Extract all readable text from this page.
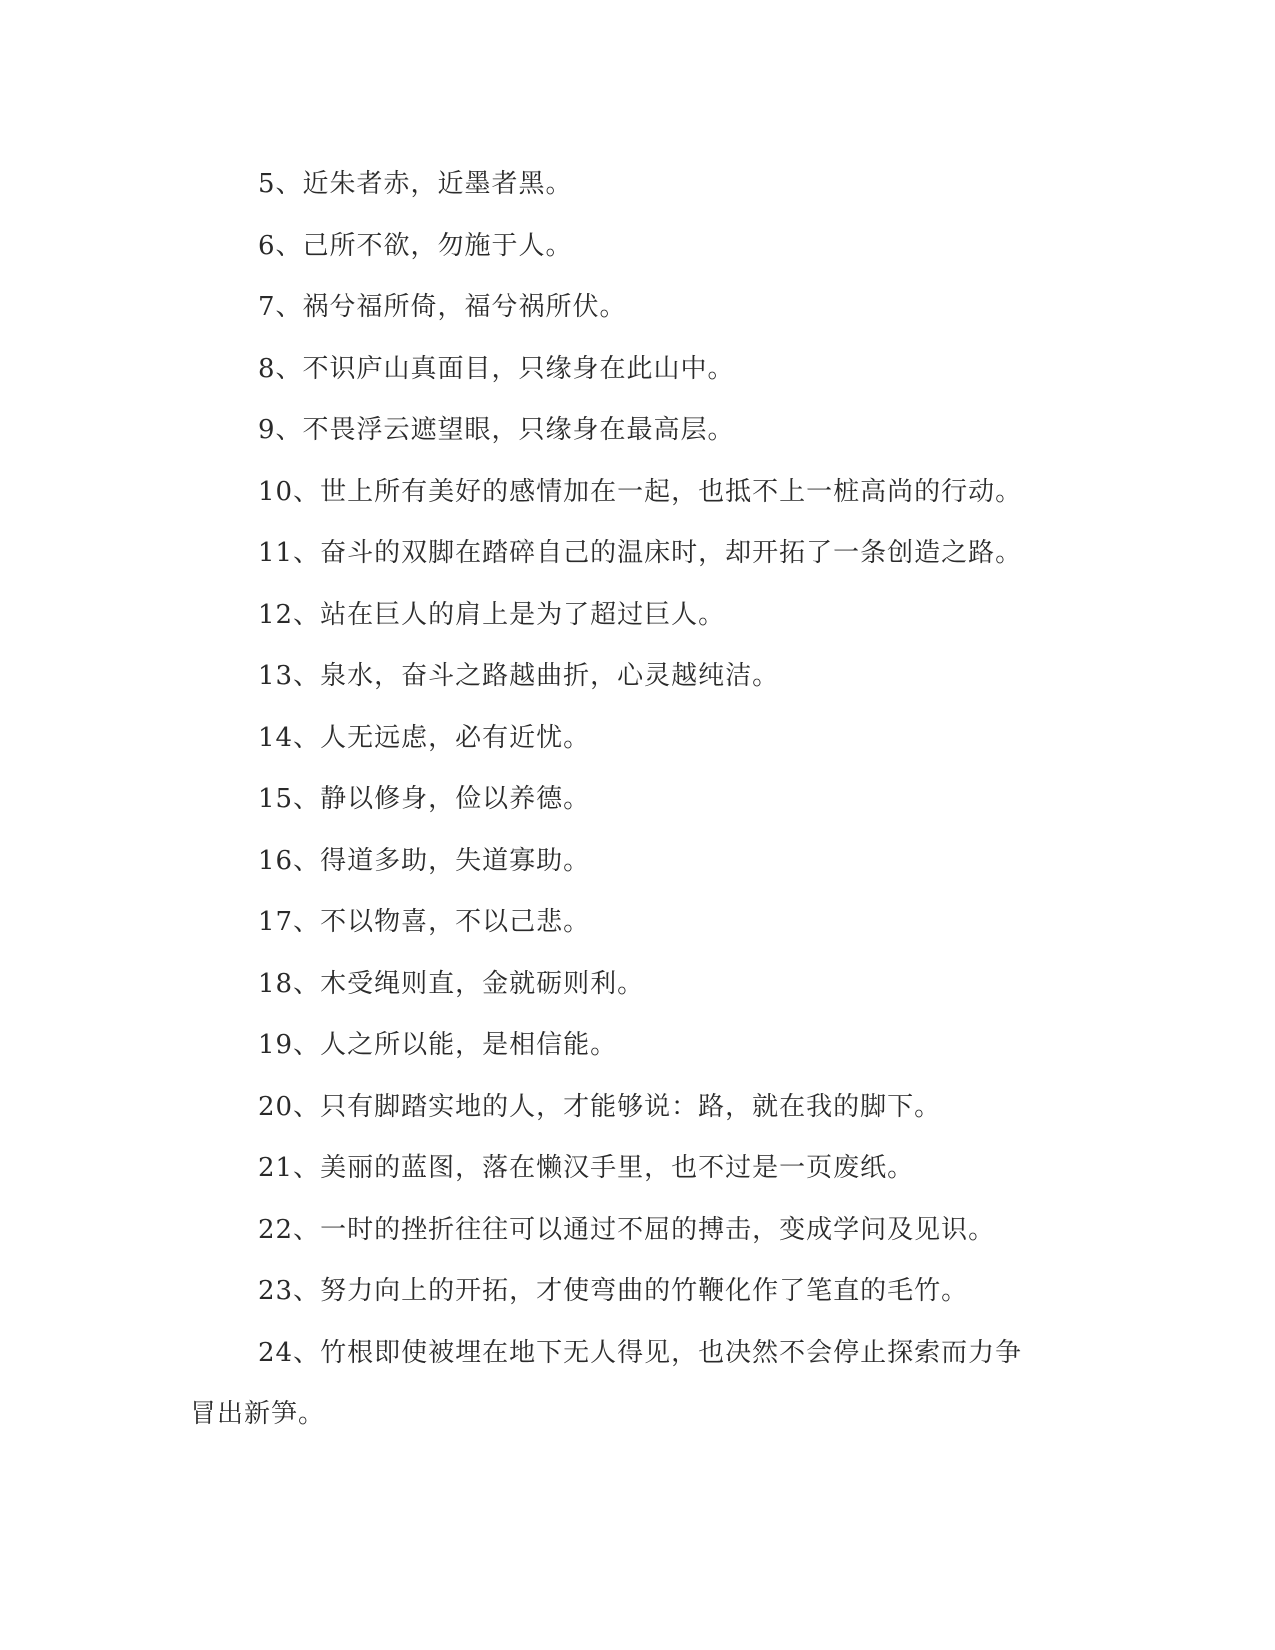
5、近朱者赤，近墨者黑。
6、己所不欲，勿施于人。
7、祸兮福所倚，福兮祸所伏。
8、不识庐山真面目，只缘身在此山中。
9、不畏浮云遮望眼，只缘身在最高层。
10、世上所有美好的感情加在一起，也抵不上一桩高尚的行动。
11、奋斗的双脚在踏碎自己的温床时，却开拓了一条创造之路。
12、站在巨人的肩上是为了超过巨人。
13、泉水，奋斗之路越曲折，心灵越纯洁。
14、人无远虑，必有近忧。
15、静以修身，俭以养德。
16、得道多助，失道寡助。
17、不以物喜，不以己悲。
18、木受绳则直，金就砺则利。
19、人之所以能，是相信能。
20、只有脚踏实地的人，才能够说：路，就在我的脚下。
21、美丽的蓝图，落在懒汉手里，也不过是一页废纸。
22、一时的挫折往往可以通过不屈的搏击，变成学问及见识。
23、努力向上的开拓，才使弯曲的竹鞭化作了笔直的毛竹。
24、竹根即使被埋在地下无人得见，也决然不会停止探索而力争
冒出新笋。
